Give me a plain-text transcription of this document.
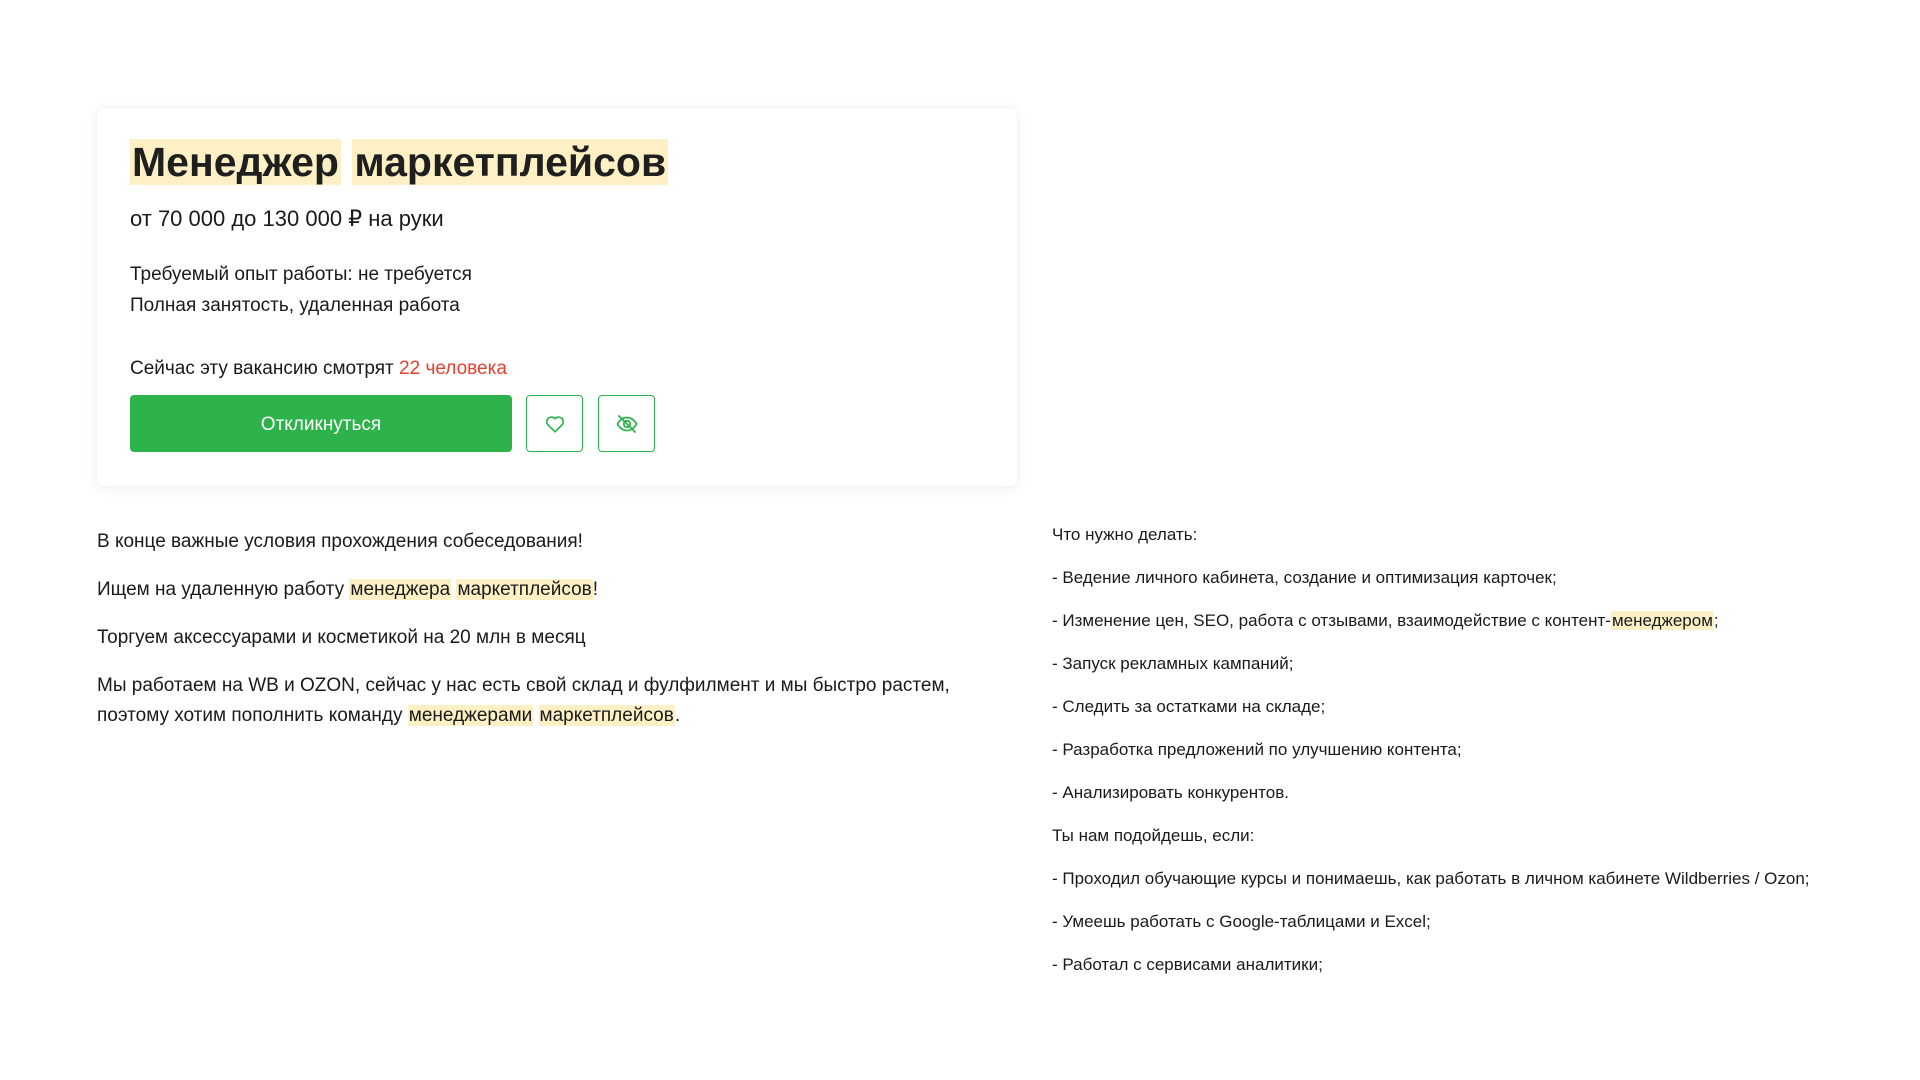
Менеджер маркетплейсов
от 70 000 до 130 000 ₽ на руки
Требуемый опыт работы: не требуется
Полная занятость, удаленная работа
Сейчас эту вакансию смотрят 22 человека
Откликнуться

В конце важные условия прохождения собеседования!

Ищем на удаленную работу менеджера маркетплейсов!

Торгуем аксессуарами и косметикой на 20 млн в месяц

Мы работаем на WB и OZON, сейчас у нас есть свой склад и фулфилмент и мы быстро растем,
поэтому хотим пополнить команду менеджерами маркетплейсов.

Что нужно делать:
- Ведение личного кабинета, создание и оптимизация карточек;
- Изменение цен, SEO, работа с отзывами, взаимодействие с контент-менеджером;
- Запуск рекламных кампаний;
- Следить за остатками на складе;
- Разработка предложений по улучшению контента;
- Анализировать конкурентов.
Ты нам подойдешь, если:
- Проходил обучающие курсы и понимаешь, как работать в личном кабинете Wildberries / Ozon;
- Умеешь работать с Google-таблицами и Excel;
- Работал с сервисами аналитики;
